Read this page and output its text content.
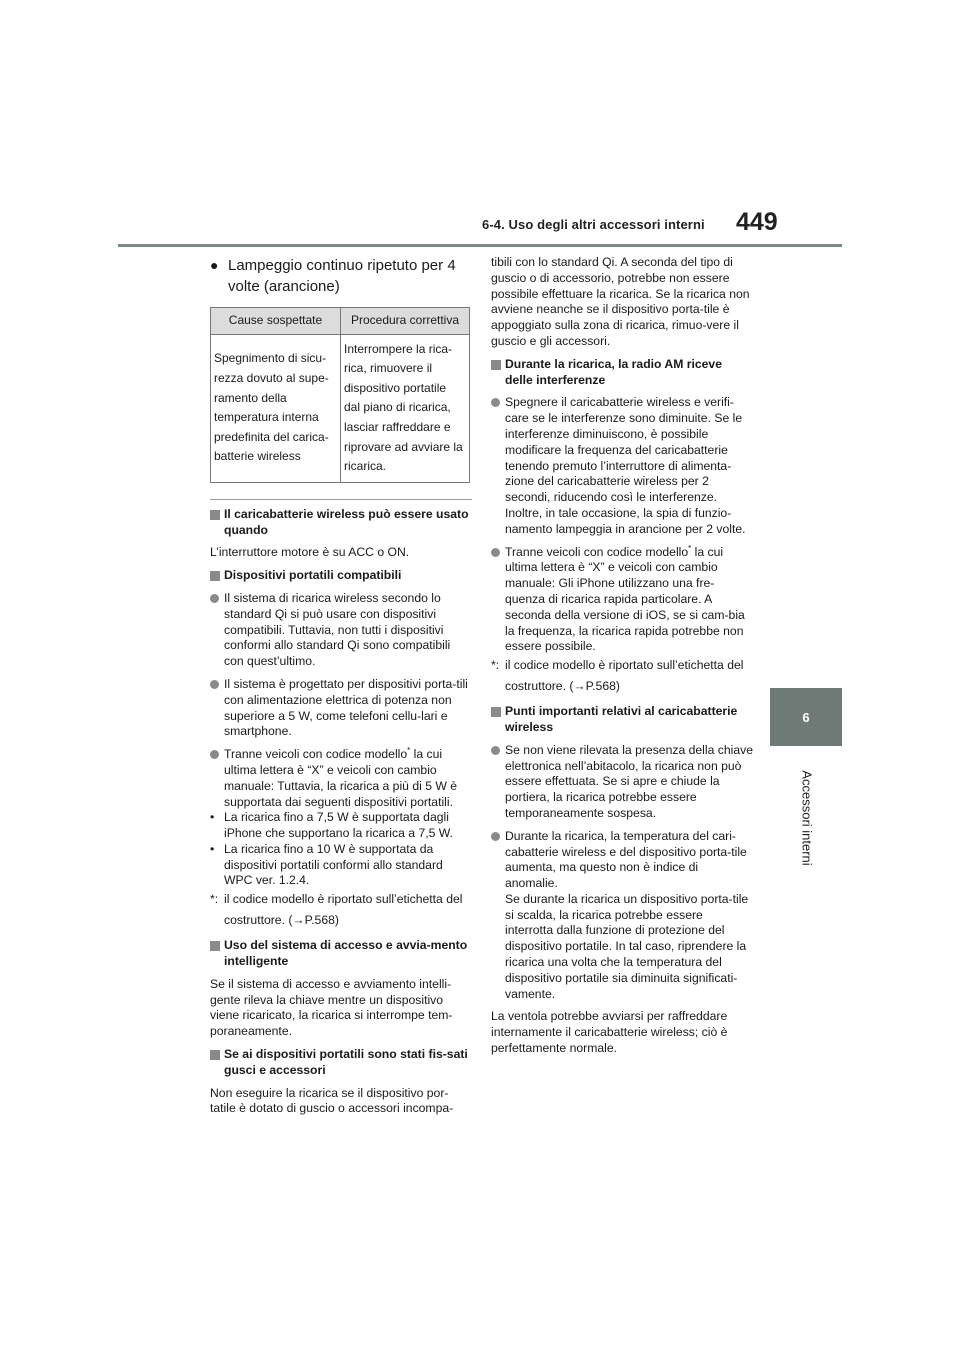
6-4. Uso degli altri accessori interni 449
6
Accessori interni
● Lampeggio continuo ripetuto per 4 volte (arancione)
Cause sospettate	Procedura correttiva
Spegnimento di sicu-rezza dovuto al supe-ramento della temperatura interna predefinita del carica-batterie wireless	Interrompere la rica-rica, rimuovere il dispositivo portatile dal piano di ricarica, lasciar raffreddare e riprovare ad avviare la ricarica.
Il caricabatterie wireless può essere usato quando
L’interruttore motore è su ACC o ON.
Dispositivi portatili compatibili
Il sistema di ricarica wireless secondo lo standard Qi si può usare con dispositivi compatibili. Tuttavia, non tutti i dispositivi conformi allo standard Qi sono compatibili con quest’ultimo.
Il sistema è progettato per dispositivi porta-tili con alimentazione elettrica di potenza non superiore a 5 W, come telefoni cellu-lari e smartphone.
Tranne veicoli con codice modello* la cui ultima lettera è “X” e veicoli con cambio manuale: Tuttavia, la ricarica a più di 5 W è supportata dai seguenti dispositivi portatili.
• La ricarica fino a 7,5 W è supportata dagli iPhone che supportano la ricarica a 7,5 W.
• La ricarica fino a 10 W è supportata da dispositivi portatili conformi allo standard WPC ver. 1.2.4.
*: il codice modello è riportato sull’etichetta del costruttore. (→P.568)
Uso del sistema di accesso e avvia-mento intelligente
Se il sistema di accesso e avviamento intelli-gente rileva la chiave mentre un dispositivo viene ricaricato, la ricarica si interrompe tem-poraneamente.
Se ai dispositivi portatili sono stati fis-sati gusci e accessori
Non eseguire la ricarica se il dispositivo por-tatile è dotato di guscio o accessori incompa-
tibili con lo standard Qi. A seconda del tipo di guscio o di accessorio, potrebbe non essere possibile effettuare la ricarica. Se la ricarica non avviene neanche se il dispositivo porta-tile è appoggiato sulla zona di ricarica, rimuo-vere il guscio e gli accessori.
Durante la ricarica, la radio AM riceve delle interferenze
Spegnere il caricabatterie wireless e verifi-care se le interferenze sono diminuite. Se le interferenze diminuiscono, è possibile modificare la frequenza del caricabatterie tenendo premuto l’interruttore di alimenta-zione del caricabatterie wireless per 2 secondi, riducendo così le interferenze. Inoltre, in tale occasione, la spia di funzio-namento lampeggia in arancione per 2 volte.
Tranne veicoli con codice modello* la cui ultima lettera è “X” e veicoli con cambio manuale: Gli iPhone utilizzano una fre-quenza di ricarica rapida particolare. A seconda della versione di iOS, se si cam-bia la frequenza, la ricarica rapida potrebbe non essere possibile.
*: il codice modello è riportato sull’etichetta del costruttore. (→P.568)
Punti importanti relativi al caricabatterie wireless
Se non viene rilevata la presenza della chiave elettronica nell’abitacolo, la ricarica non può essere effettuata. Se si apre e chiude la portiera, la ricarica potrebbe essere temporaneamente sospesa.
Durante la ricarica, la temperatura del cari-cabatterie wireless e del dispositivo porta-tile aumenta, ma questo non è indice di anomalie.
Se durante la ricarica un dispositivo porta-tile si scalda, la ricarica potrebbe essere interrotta dalla funzione di protezione del dispositivo portatile. In tal caso, riprendere la ricarica una volta che la temperatura del dispositivo portatile sia diminuita significati-vamente.
La ventola potrebbe avviarsi per raffreddare internamente il caricabatterie wireless; ciò è perfettamente normale.
